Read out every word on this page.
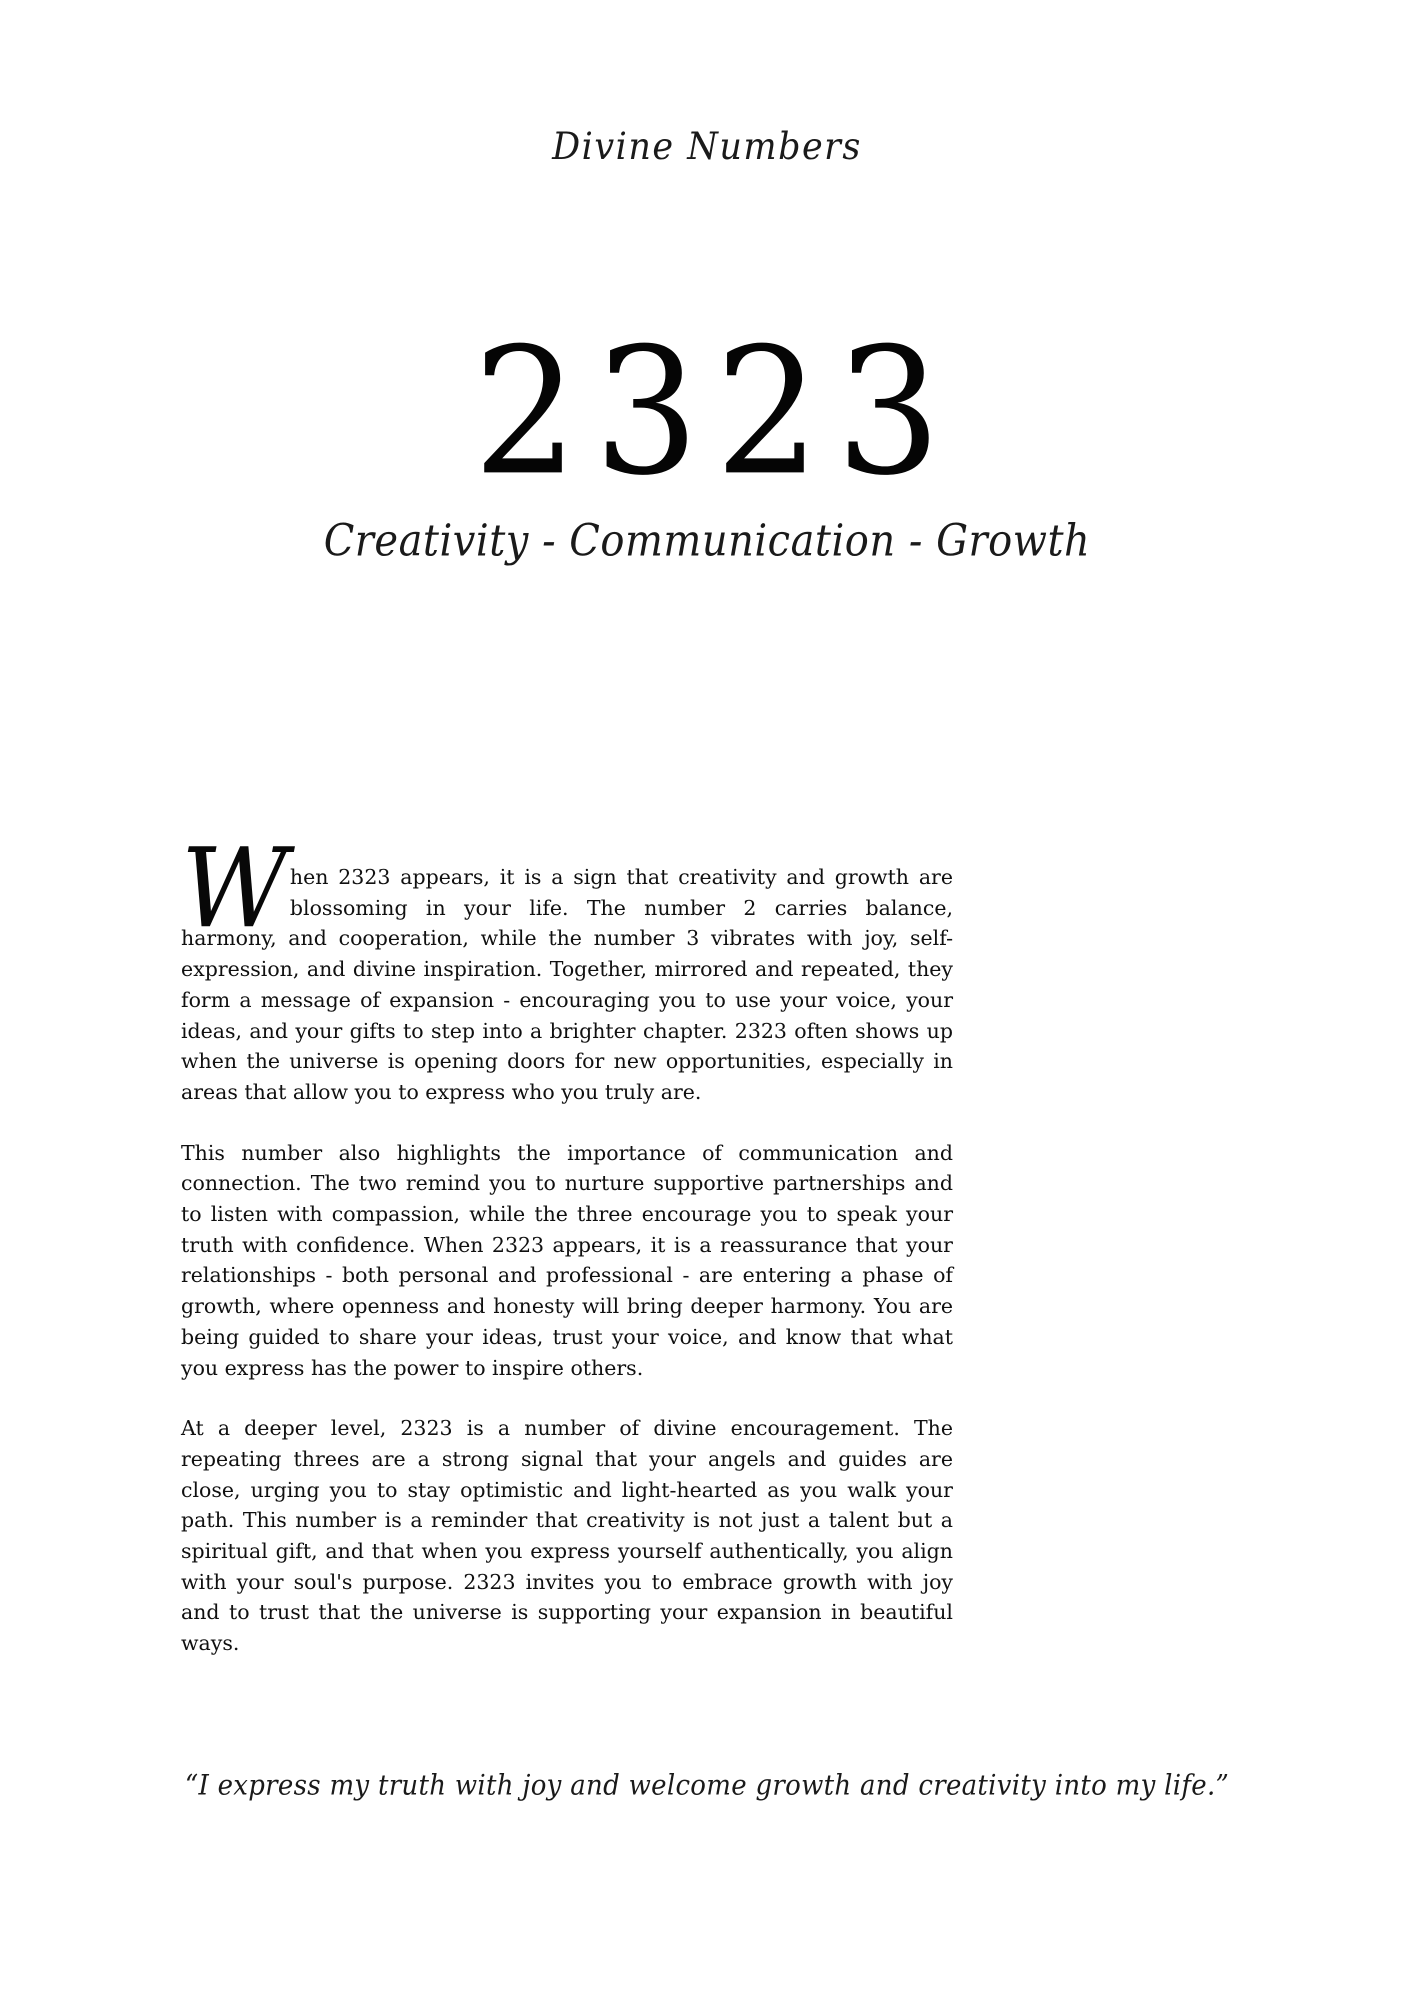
Divine Numbers
2323
Creativity - Communication - Growth

When 2323 appears, it is a sign that creativity and growth are blossoming in your life. The number 2 carries balance, harmony, and cooperation, while the number 3 vibrates with joy, self-expression, and divine inspiration. Together, mirrored and repeated, they form a message of expansion - encouraging you to use your voice, your ideas, and your gifts to step into a brighter chapter. 2323 often shows up when the universe is opening doors for new opportunities, especially in areas that allow you to express who you truly are.

This number also highlights the importance of communication and connection. The two remind you to nurture supportive partnerships and to listen with compassion, while the three encourage you to speak your truth with confidence. When 2323 appears, it is a reassurance that your relationships - both personal and professional - are entering a phase of growth, where openness and honesty will bring deeper harmony. You are being guided to share your ideas, trust your voice, and know that what you express has the power to inspire others.

At a deeper level, 2323 is a number of divine encouragement. The repeating threes are a strong signal that your angels and guides are close, urging you to stay optimistic and light-hearted as you walk your path. This number is a reminder that creativity is not just a talent but a spiritual gift, and that when you express yourself authentically, you align with your soul's purpose. 2323 invites you to embrace growth with joy and to trust that the universe is supporting your expansion in beautiful ways.

“I express my truth with joy and welcome growth and creativity into my life.”
